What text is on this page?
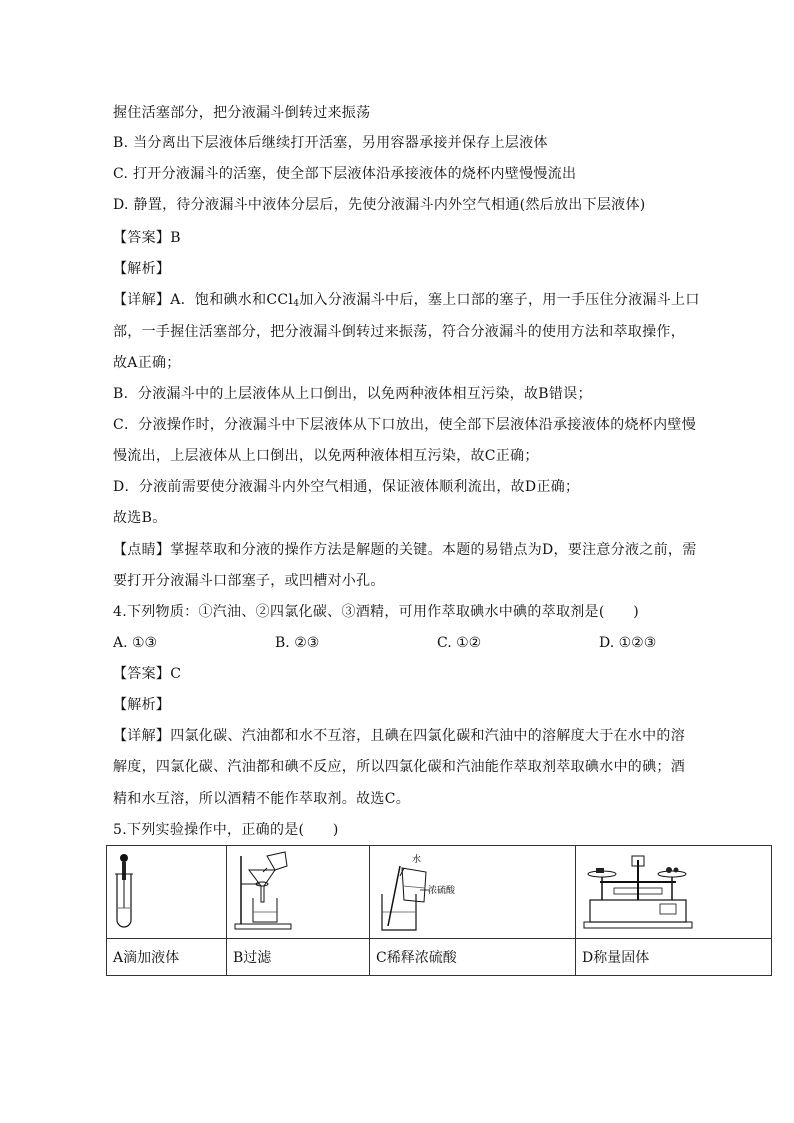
握住活塞部分，把分液漏斗倒转过来振荡
B. 当分离出下层液体后继续打开活塞，另用容器承接并保存上层液体
C. 打开分液漏斗的活塞，使全部下层液体沿承接液体的烧杯内壁慢慢流出
D. 静置，待分液漏斗中液体分层后，先使分液漏斗内外空气相通(然后放出下层液体)
【答案】B
【解析】
【详解】A．饱和碘水和CCl$_4$加入分液漏斗中后，塞上口部的塞子，用一手压住分液漏斗上口
部，一手握住活塞部分，把分液漏斗倒转过来振荡，符合分液漏斗的使用方法和萃取操作，
故A正确；
B．分液漏斗中的上层液体从上口倒出，以免两种液体相互污染，故B错误；
C．分液操作时，分液漏斗中下层液体从下口放出，使全部下层液体沿承接液体的烧杯内壁慢
慢流出，上层液体从上口倒出，以免两种液体相互污染，故C正确；
D．分液前需要使分液漏斗内外空气相通，保证液体顺利流出，故D正确；
故选B。
【点睛】掌握萃取和分液的操作方法是解题的关键。本题的易错点为D，要注意分液之前，需
要打开分液漏斗口部塞子，或凹槽对小孔。
4.下列物质：①汽油、②四氯化碳、③酒精，可用作萃取碘水中碘的萃取剂是(　　)
A. ①③	B. ②③	C. ①②	D. ①②③
【答案】C
【解析】
【详解】四氯化碳、汽油都和水不互溶，且碘在四氯化碳和汽油中的溶解度大于在水中的溶
解度，四氯化碳、汽油都和碘不反应，所以四氯化碳和汽油能作萃取剂萃取碘水中的碘；酒
精和水互溶，所以酒精不能作萃取剂。故选C。
5.下列实验操作中，正确的是(　　)

水
浓硫酸

A滴加液体	B过滤	C稀释浓硫酸	D称量固体
